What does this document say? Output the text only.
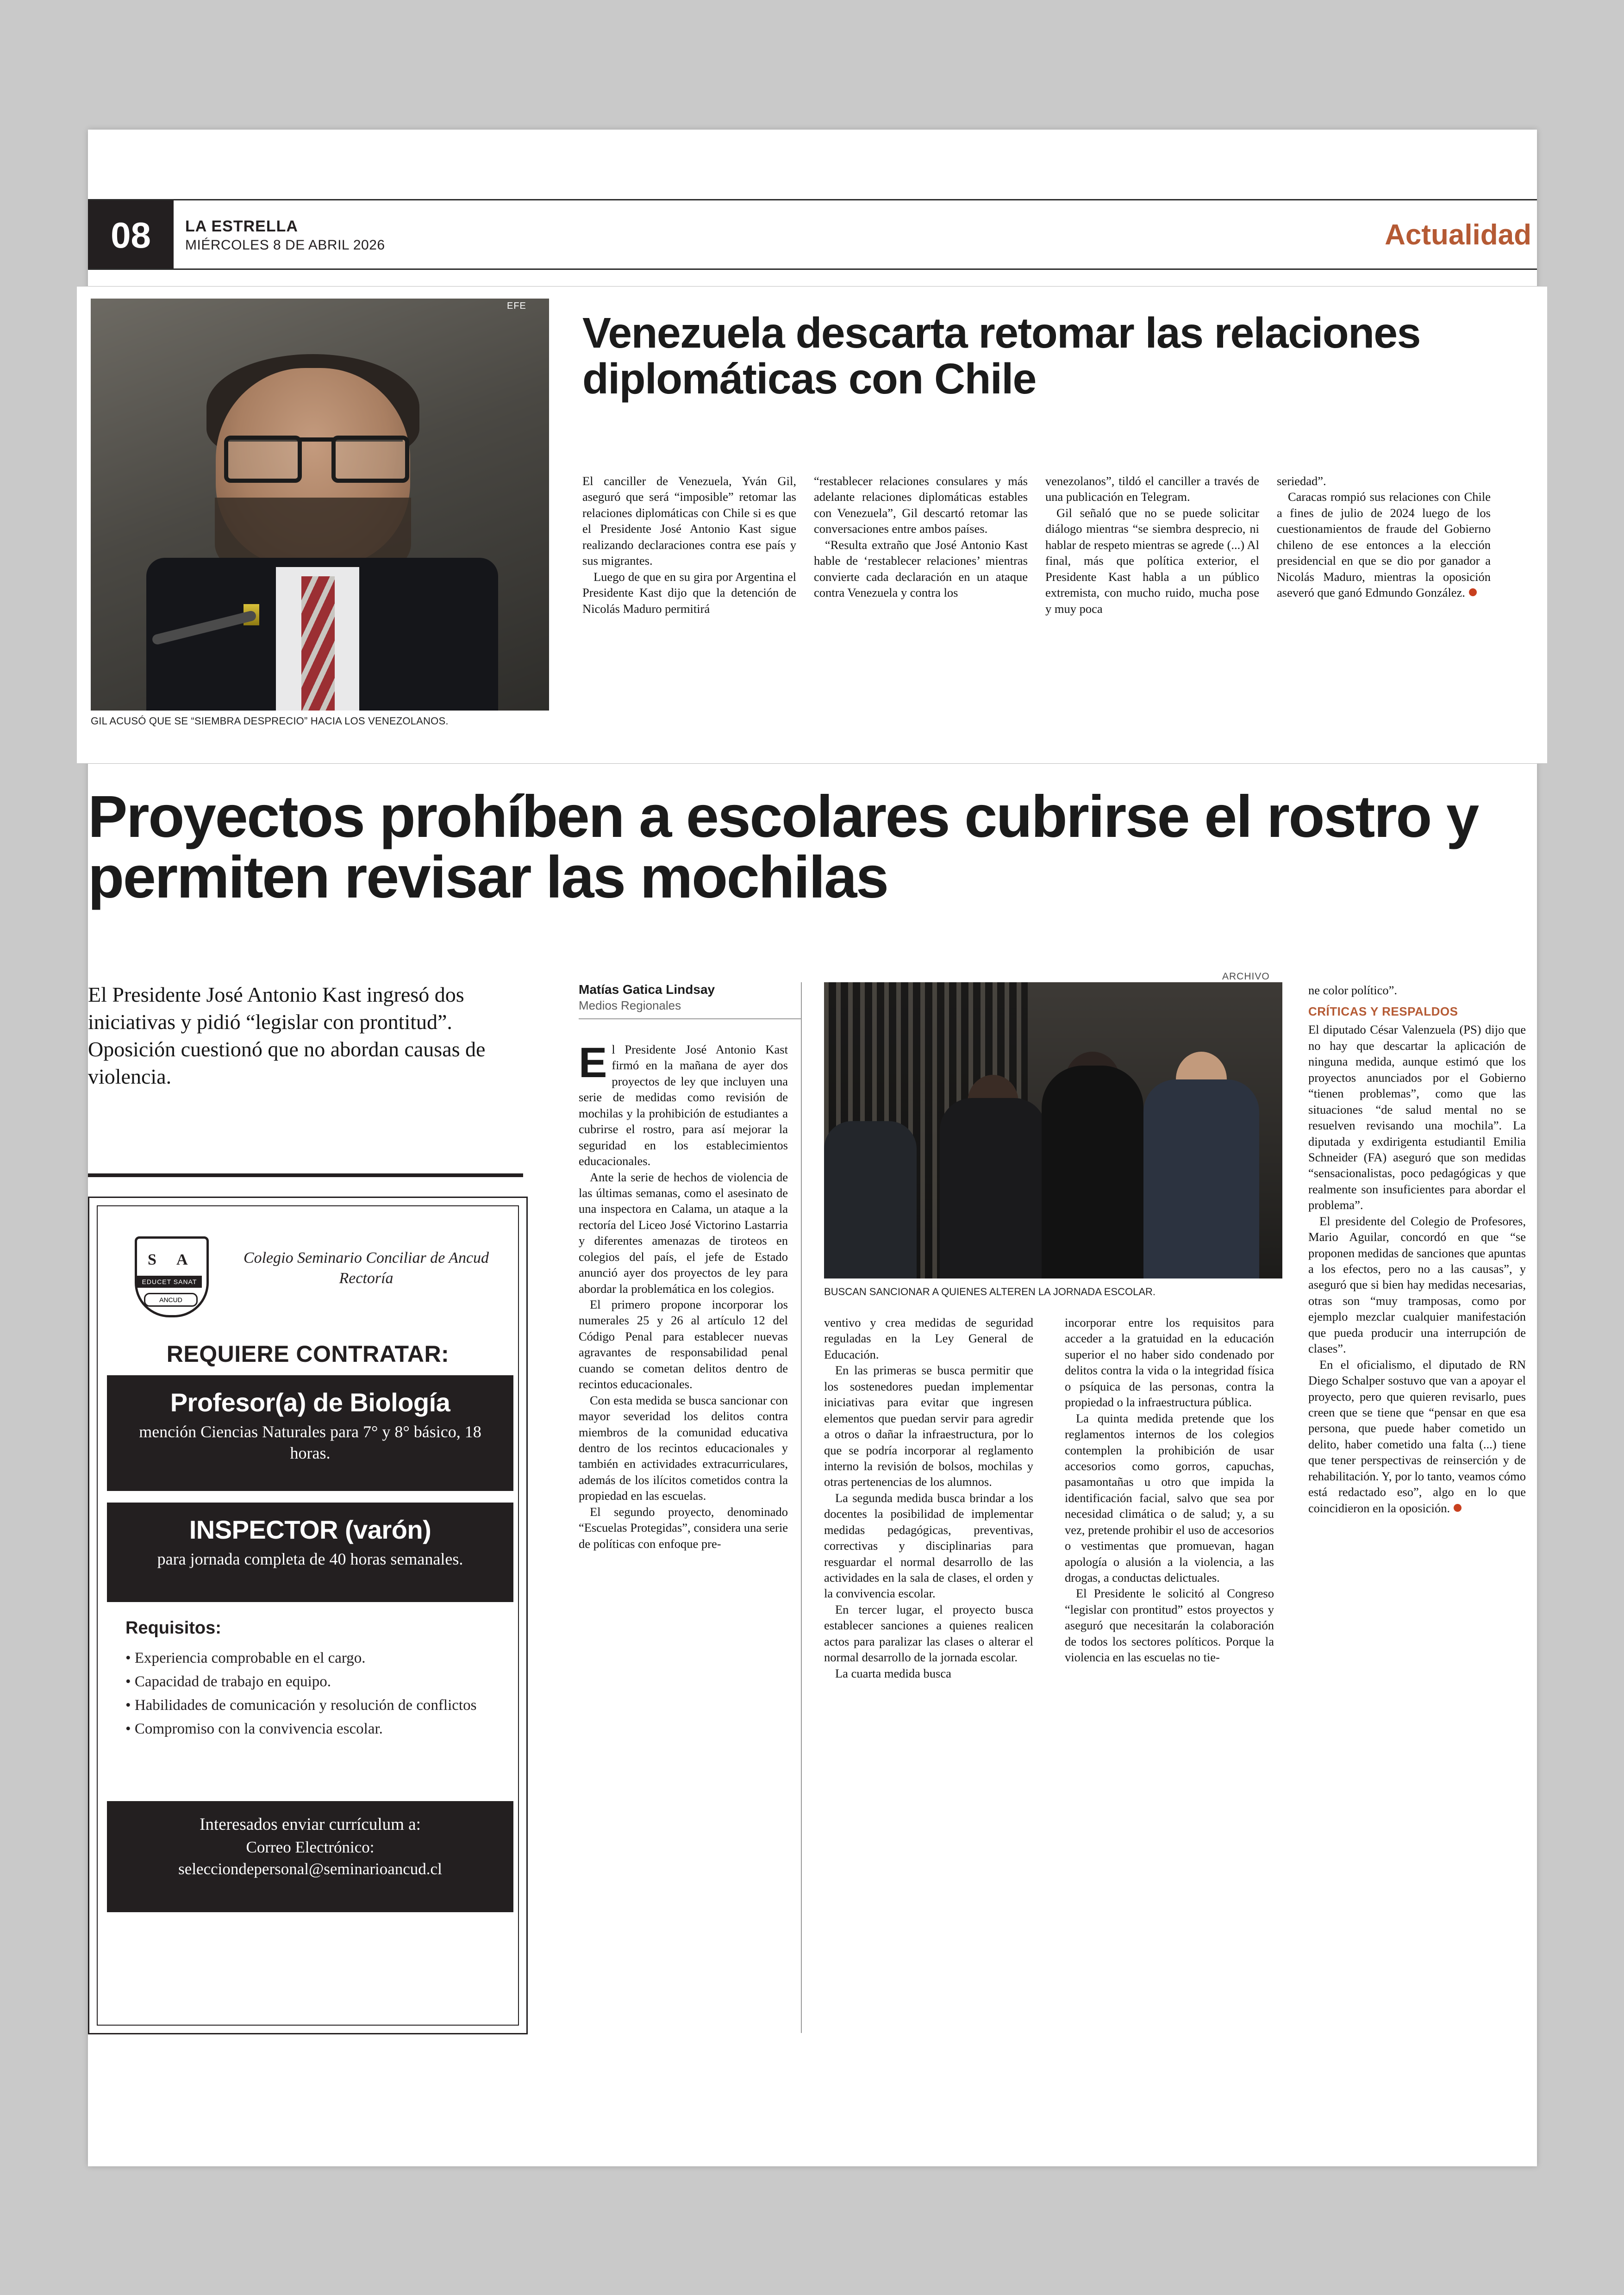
08	LA ESTRELLA
MIÉRCOLES 8 DE ABRIL 2026	Actualidad
EFE
GIL ACUSÓ QUE SE “SIEMBRA DESPRECIO” HACIA LOS VENEZOLANOS.
Venezuela descarta retomar las relaciones diplomáticas con Chile

El canciller de Venezuela, Yván Gil, aseguró que será “imposible” retomar las relaciones diplomáticas con Chile si es que el Presidente José Antonio Kast sigue realizando declaraciones contra ese país y sus migrantes.

Luego de que en su gira por Argentina el Presidente Kast dijo que la detención de Nicolás Maduro permitirá

“restablecer relaciones consulares y más adelante relaciones diplomáticas estables con Venezuela”, Gil descartó retomar las conversaciones entre ambos países.

“Resulta extraño que José Antonio Kast hable de ‘restablecer relaciones’ mientras convierte cada declaración en un ataque contra Venezuela y contra los

venezolanos”, tildó el canciller a través de una publicación en Telegram.

Gil señaló que no se puede solicitar diálogo mientras “se siembra desprecio, ni hablar de respeto mientras se agrede (...) Al final, más que política exterior, el Presidente Kast habla a un público extremista, con mucho ruido, mucha pose y muy poca

seriedad”.

Caracas rompió sus relaciones con Chile a fines de julio de 2024 luego de los cuestionamientos de fraude del Gobierno chileno de ese entonces a la elección presidencial en que se dio por ganador a Nicolás Maduro, mientras la oposición aseveró que ganó Edmundo González.

Proyectos prohíben a escolares cubrirse el rostro y permiten revisar las mochilas
El Presidente José Antonio Kast ingresó dos iniciativas y pidió “legislar con prontitud”. Oposición cuestionó que no abordan causas de violencia.
Matías Gatica Lindsay
Medios Regionales
ARCHIVO
BUSCAN SANCIONAR A QUIENES ALTEREN LA JORNADA ESCOLAR.

El Presidente José Antonio Kast firmó en la mañana de ayer dos proyectos de ley que incluyen una serie de medidas como revisión de mochilas y la prohibición de estudiantes a cubrirse el rostro, para así mejorar la seguridad en los establecimientos educacionales.

Ante la serie de hechos de violencia de las últimas semanas, como el asesinato de una inspectora en Calama, un ataque a la rectoría del Liceo José Victorino Lastarria y diferentes amenazas de tiroteos en colegios del país, el jefe de Estado anunció ayer dos proyectos de ley para abordar la problemática en los colegios.

El primero propone incorporar los numerales 25 y 26 al artículo 12 del Código Penal para establecer nuevas agravantes de responsabilidad penal cuando se cometan delitos dentro de recintos educacionales.

Con esta medida se busca sancionar con mayor severidad los delitos contra miembros de la comunidad educativa dentro de los recintos educacionales y también en actividades extracurriculares, además de los ilícitos cometidos contra la propiedad en las escuelas.

El segundo proyecto, denominado “Escuelas Protegidas”, considera una serie de políticas con enfoque pre-

ventivo y crea medidas de seguridad reguladas en la Ley General de Educación.

En las primeras se busca permitir que los sostenedores puedan implementar iniciativas para evitar que ingresen elementos que puedan servir para agredir a otros o dañar la infraestructura, por lo que se podría incorporar al reglamento interno la revisión de bolsos, mochilas y otras pertenencias de los alumnos.

La segunda medida busca brindar a los docentes la posibilidad de implementar medidas pedagógicas, preventivas, correctivas y disciplinarias para resguardar el normal desarrollo de las actividades en la sala de clases, el orden y la convivencia escolar.

En tercer lugar, el proyecto busca establecer sanciones a quienes realicen actos para paralizar las clases o alterar el normal desarrollo de la jornada escolar.

La cuarta medida busca

incorporar entre los requisitos para acceder a la gratuidad en la educación superior el no haber sido condenado por delitos contra la vida o la integridad física o psíquica de las personas, contra la propiedad o la infraestructura pública.

La quinta medida pretende que los reglamentos internos de los colegios contemplen la prohibición de usar accesorios como gorros, capuchas, pasamontañas u otro que impida la identificación facial, salvo que sea por necesidad climática o de salud; y, a su vez, pretende prohibir el uso de accesorios o vestimentas que promuevan, hagan apología o alusión a la violencia, a las drogas, a conductas delictuales.

El Presidente le solicitó al Congreso “legislar con prontitud” estos proyectos y aseguró que necesitarán la colaboración de todos los sectores políticos. Porque la violencia en las escuelas no tie-

ne color político”.

CRÍTICAS Y RESPALDOS

El diputado César Valenzuela (PS) dijo que no hay que descartar la aplicación de ninguna medida, aunque estimó que los proyectos anunciados por el Gobierno “tienen problemas”, como que las situaciones “de salud mental no se resuelven revisando una mochila”. La diputada y exdirigenta estudiantil Emilia Schneider (FA) aseguró que son medidas “sensacionalistas, poco pedagógicas y que realmente son insuficientes para abordar el problema”.

El presidente del Colegio de Profesores, Mario Aguilar, concordó en que “se proponen medidas de sanciones que apuntas a los efectos, pero no a las causas”, y aseguró que si bien hay medidas necesarias, otras son “muy tramposas, como por ejemplo mezclar cualquier manifestación que pueda producir una interrupción de clases”.

En el oficialismo, el diputado de RN Diego Schalper sostuvo que van a apoyar el proyecto, pero que quieren revisarlo, pues creen que se tiene que “pensar en que esa persona, que puede haber cometido un delito, haber cometido una falta (...) tiene que tener perspectivas de reinserción y de rehabilitación. Y, por lo tanto, veamos cómo está redactado eso”, algo en lo que coincidieron en la oposición.

S A
EDUCET SANAT
ANCUD
Colegio Seminario Conciliar de Ancud Rectoría
REQUIERE CONTRATAR:
Profesor(a) de Biología
mención Ciencias Naturales para 7° y 8° básico, 18 horas.
INSPECTOR (varón)
para jornada completa de 40 horas semanales.
Requisitos:
• Experiencia comprobable en el cargo.
• Capacidad de trabajo en equipo.
• Habilidades de comunicación y resolución de conflictos
• Compromiso con la convivencia escolar.
Interesados enviar currículum a:
Correo Electrónico:
selecciondepersonal@seminarioancud.cl
